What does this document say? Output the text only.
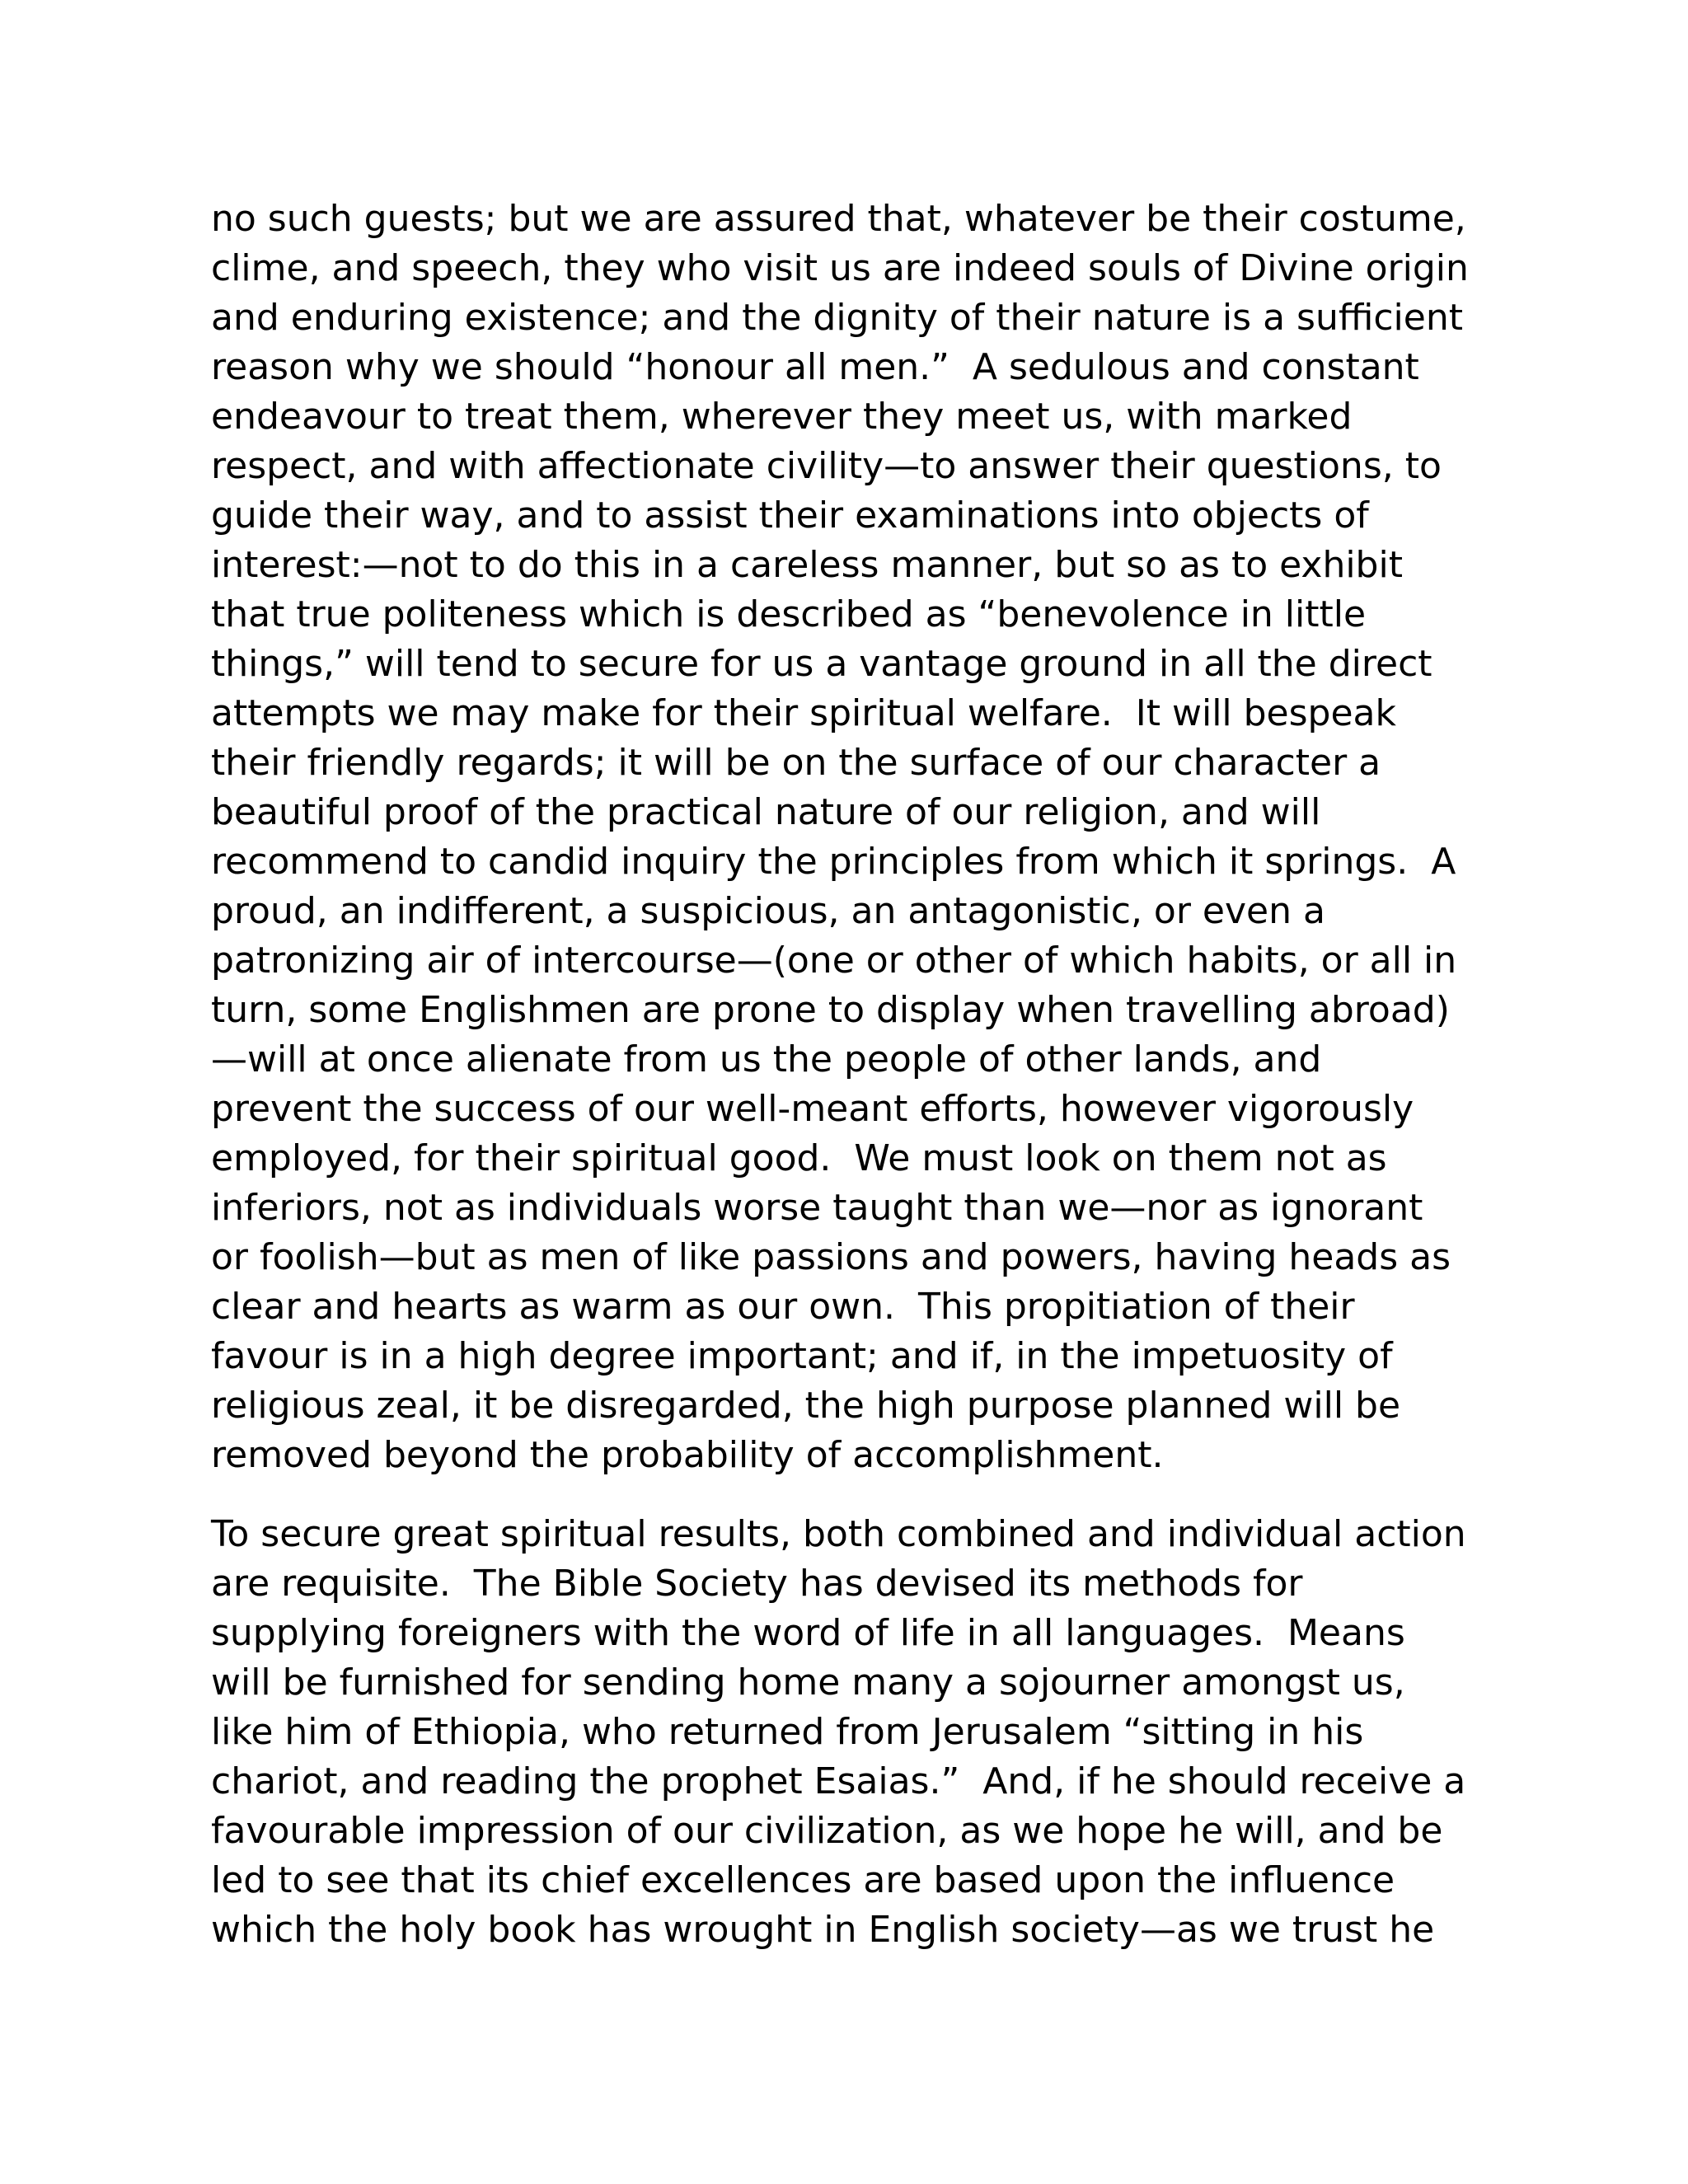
no such guests; but we are assured that, whatever be their costume,
clime, and speech, they who visit us are indeed souls of Divine origin
and enduring existence; and the dignity of their nature is a sufficient
reason why we should “honour all men.”  A sedulous and constant
endeavour to treat them, wherever they meet us, with marked
respect, and with affectionate civility—to answer their questions, to
guide their way, and to assist their examinations into objects of
interest:—not to do this in a careless manner, but so as to exhibit
that true politeness which is described as “benevolence in little
things,” will tend to secure for us a vantage ground in all the direct
attempts we may make for their spiritual welfare.  It will bespeak
their friendly regards; it will be on the surface of our character a
beautiful proof of the practical nature of our religion, and will
recommend to candid inquiry the principles from which it springs.  A
proud, an indifferent, a suspicious, an antagonistic, or even a
patronizing air of intercourse—(one or other of which habits, or all in
turn, some Englishmen are prone to display when travelling abroad)
—will at once alienate from us the people of other lands, and
prevent the success of our well-meant efforts, however vigorously
employed, for their spiritual good.  We must look on them not as
inferiors, not as individuals worse taught than we—nor as ignorant
or foolish—but as men of like passions and powers, having heads as
clear and hearts as warm as our own.  This propitiation of their
favour is in a high degree important; and if, in the impetuosity of
religious zeal, it be disregarded, the high purpose planned will be
removed beyond the probability of accomplishment.
To secure great spiritual results, both combined and individual action
are requisite.  The Bible Society has devised its methods for
supplying foreigners with the word of life in all languages.  Means
will be furnished for sending home many a sojourner amongst us,
like him of Ethiopia, who returned from Jerusalem “sitting in his
chariot, and reading the prophet Esaias.”  And, if he should receive a
favourable impression of our civilization, as we hope he will, and be
led to see that its chief excellences are based upon the influence
which the holy book has wrought in English society—as we trust he
